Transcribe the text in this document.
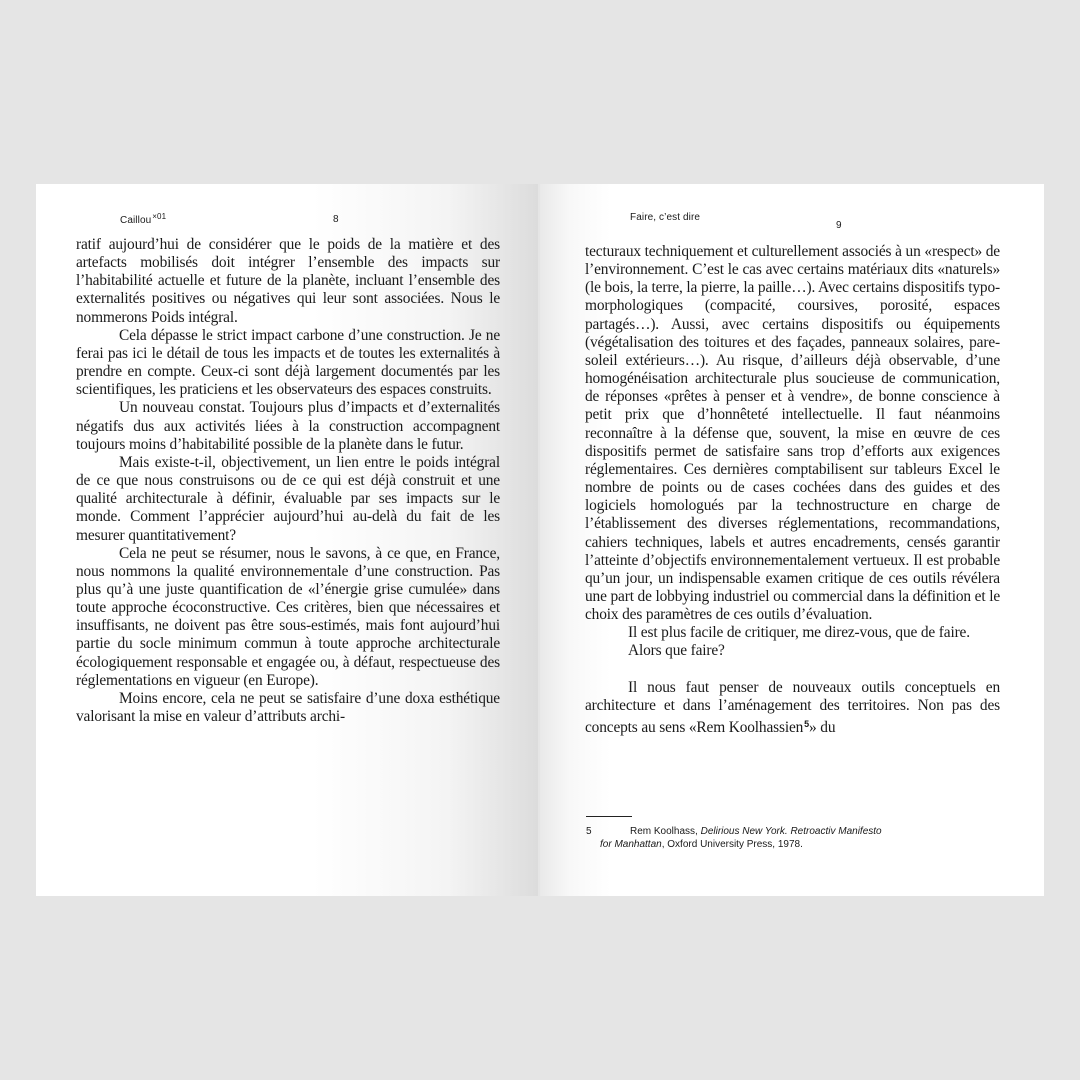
Caillou$^{\times 01}$	8

ratif aujourd’hui de considérer que le poids de la matière et des artefacts mobilisés doit intégrer l’ensemble des impacts sur l’habitabilité actuelle et future de la planète, incluant l’ensemble des externalités positives ou négatives qui leur sont associées. Nous le nommerons Poids intégral.

Cela dépasse le strict impact carbone d’une construction. Je ne ferai pas ici le détail de tous les impacts et de toutes les externalités à prendre en compte. Ceux-ci sont déjà largement documentés par les scientifiques, les praticiens et les observateurs des espaces construits.

Un nouveau constat. Toujours plus d’impacts et d’externalités négatifs dus aux activités liées à la construction accompagnent toujours moins d’habitabilité possible de la planète dans le futur.

Mais existe-t-il, objectivement, un lien entre le poids intégral de ce que nous construisons ou de ce qui est déjà construit et une qualité architecturale à définir, évaluable par ses impacts sur le monde. Comment l’apprécier aujourd’hui au-delà du fait de les mesurer quantitativement?

Cela ne peut se résumer, nous le savons, à ce que, en France, nous nommons la qualité environnementale d’une construction. Pas plus qu’à une juste quantification de «l’énergie grise cumulée» dans toute approche écoconstructive. Ces critères, bien que nécessaires et insuffisants, ne doivent pas être sous-estimés, mais font aujourd’hui partie du socle minimum commun à toute approche architecturale écologiquement responsable et engagée ou, à défaut, respectueuse des réglementations en vigueur (en Europe).

Moins encore, cela ne peut se satisfaire d’une doxa esthétique valorisant la mise en valeur d’attributs archi-

Faire, c’est dire
9

tecturaux techniquement et culturellement associés à un «respect» de l’environnement. C’est le cas avec certains matériaux dits «naturels» (le bois, la terre, la pierre, la paille…). Avec certains dispositifs typo-morphologiques (compacité, coursives, porosité, espaces partagés…). Aussi, avec certains dispositifs ou équipements (végétalisation des toitures et des façades, panneaux solaires, pare-soleil extérieurs…). Au risque, d’ailleurs déjà observable, d’une homogénéisation architecturale plus soucieuse de communication, de réponses «prêtes à penser et à vendre», de bonne conscience à petit prix que d’honnêteté intellectuelle. Il faut néanmoins reconnaître à la défense que, souvent, la mise en œuvre de ces dispositifs permet de satisfaire sans trop d’efforts aux exigences réglementaires. Ces dernières comptabilisent sur tableurs Excel le nombre de points ou de cases cochées dans des guides et des logiciels homologués par la technostructure en charge de l’établissement des diverses réglementations, recommandations, cahiers techniques, labels et autres encadrements, censés garantir l’atteinte d’objectifs environnementalement vertueux. Il est probable qu’un jour, un indispensable examen critique de ces outils révélera une part de lobbying industriel ou commercial dans la définition et le choix des paramètres de ces outils d’évaluation.

Il est plus facile de critiquer, me direz-vous, que de faire.

Alors que faire?

Il nous faut penser de nouveaux outils conceptuels en architecture et dans l’aménagement des territoires. Non pas des concepts au sens «Rem Koolhassien$^5$» du

5	Rem Koolhass, Delirious New York. Retroactiv Manifesto for Manhattan, Oxford University Press, 1978.
